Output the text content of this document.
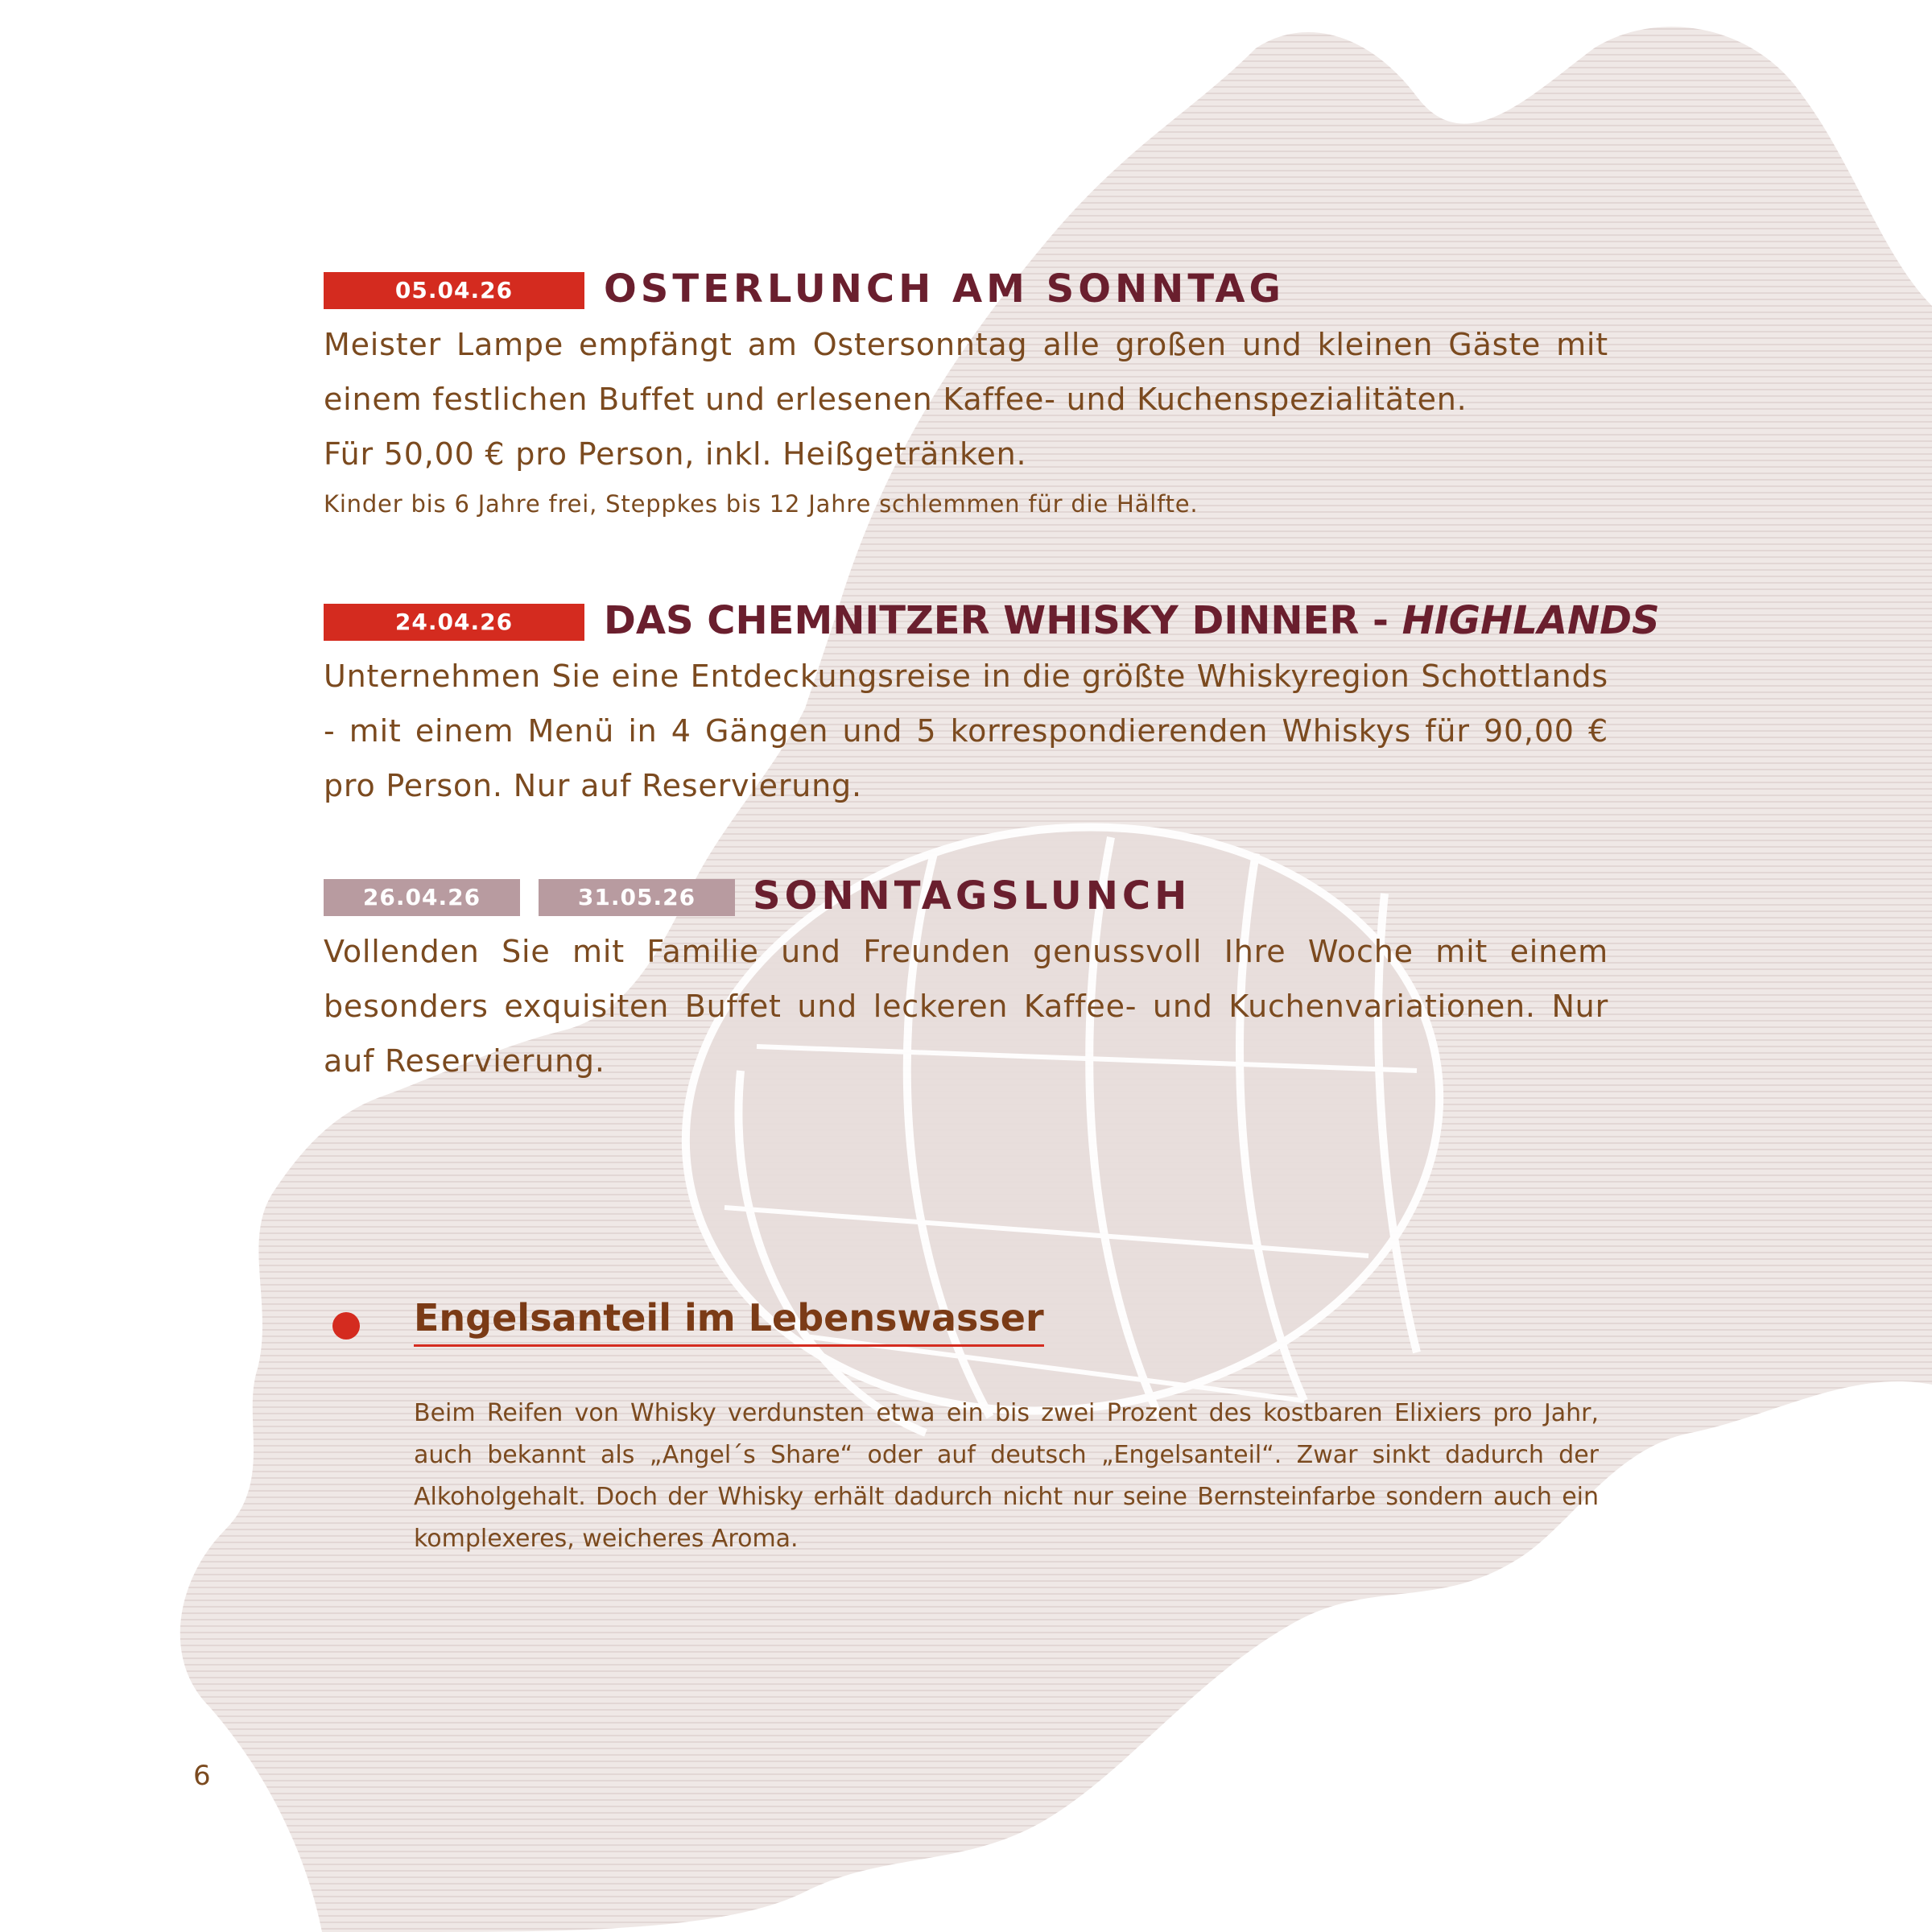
05.04.26	OSTERLUNCH AM SONNTAG

Meister Lampe empfängt am Ostersonntag alle großen und kleinen Gäste mit einem festlichen Buffet und erlesenen Kaffee- und Kuchenspezialitäten.

Für 50,00 € pro Person, inkl. Heißgetränken.

Kinder bis 6 Jahre frei, Steppkes bis 12 Jahre schlemmen für die Hälfte.

24.04.26	DAS CHEMNITZER WHISKY DINNER - HIGHLANDS

Unternehmen Sie eine Entdeckungsreise in die größte Whiskyregion Schottlands - mit einem Menü in 4 Gängen und 5 korrespondierenden Whiskys für 90,00 € pro Person. Nur auf Reservierung.

26.04.26	31.05.26	SONNTAGSLUNCH

Vollenden Sie mit Familie und Freunden genussvoll Ihre Woche mit einem besonders exquisiten Buffet und leckeren Kaffee- und Kuchenvariationen. Nur auf Reservierung.

Engelsanteil im Lebenswasser

Beim Reifen von Whisky verdunsten etwa ein bis zwei Prozent des kostbaren Elixiers pro Jahr, auch bekannt als „Angel´s Share“ oder auf deutsch „Engelsanteil“. Zwar sinkt dadurch der Alkoholgehalt. Doch der Whisky erhält dadurch nicht nur seine Bernsteinfarbe sondern auch ein komplexeres, weicheres Aroma.

6
